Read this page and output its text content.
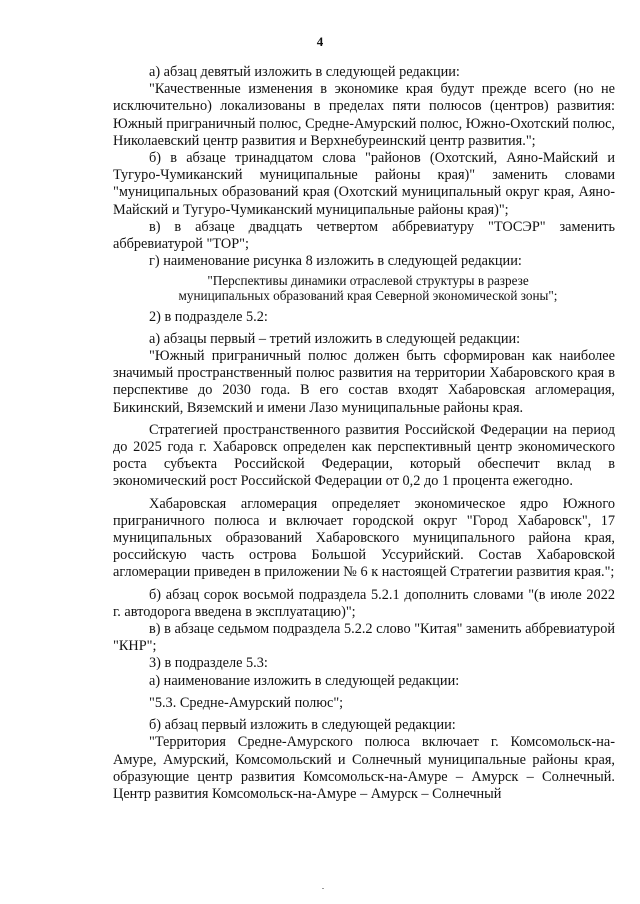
4

а) абзац девятый изложить в следующей редакции:

"Качественные изменения в экономике края будут прежде всего (но не исключительно) локализованы в пределах пяти полюсов (центров) развития: Южный приграничный полюс, Средне-Амурский полюс, Южно-Охотский полюс, Николаевский центр развития и Верхнебуреинский центр развития.";

б) в абзаце тринадцатом слова "районов (Охотский, Аяно-Майский и Тугуро-Чумиканский муниципальные районы края)" заменить словами "муниципальных образований края (Охотский муниципальный округ края, Аяно-Майский и Тугуро-Чумиканский муниципальные районы края)";

в) в абзаце двадцать четвертом аббревиатуру "ТОСЭР" заменить аббревиатурой "ТОР";

г) наименование рисунка 8 изложить в следующей редакции:

"Перспективы динамики отраслевой структуры в разрезе
муниципальных образований края Северной экономической зоны";

2) в подразделе 5.2:

а) абзацы первый – третий изложить в следующей редакции:

"Южный приграничный полюс должен быть сформирован как наиболее значимый пространственный полюс развития на территории Хабаровского края в перспективе до 2030 года. В его состав входят Хабаровская агломерация, Бикинский, Вяземский и имени Лазо муниципальные районы края.

Стратегией пространственного развития Российской Федерации на период до 2025 года г. Хабаровск определен как перспективный центр экономического роста субъекта Российской Федерации, который обеспечит вклад в экономический рост Российской Федерации от 0,2 до 1 процента ежегодно.

Хабаровская агломерация определяет экономическое ядро Южного приграничного полюса и включает городской округ "Город Хабаровск", 17 муниципальных образований Хабаровского муниципального района края, российскую часть острова Большой Уссурийский. Состав Хабаровской агломерации приведен в приложении № 6 к настоящей Стратегии развития края.";

б) абзац сорок восьмой подраздела 5.2.1 дополнить словами "(в июле 2022 г. автодорога введена в эксплуатацию)";

в) в абзаце седьмом подраздела 5.2.2 слово "Китая" заменить аббревиатурой "КНР";

3) в подразделе 5.3:

а) наименование изложить в следующей редакции:

"5.3. Средне-Амурский полюс";

б) абзац первый изложить в следующей редакции:

"Территория Средне-Амурского полюса включает г. Комсомольск-на-Амуре, Амурский, Комсомольский и Солнечный муниципальные районы края, образующие центр развития Комсомольск-на-Амуре – Амурск – Солнечный. Центр развития Комсомольск-на-Амуре – Амурск – Солнечный
